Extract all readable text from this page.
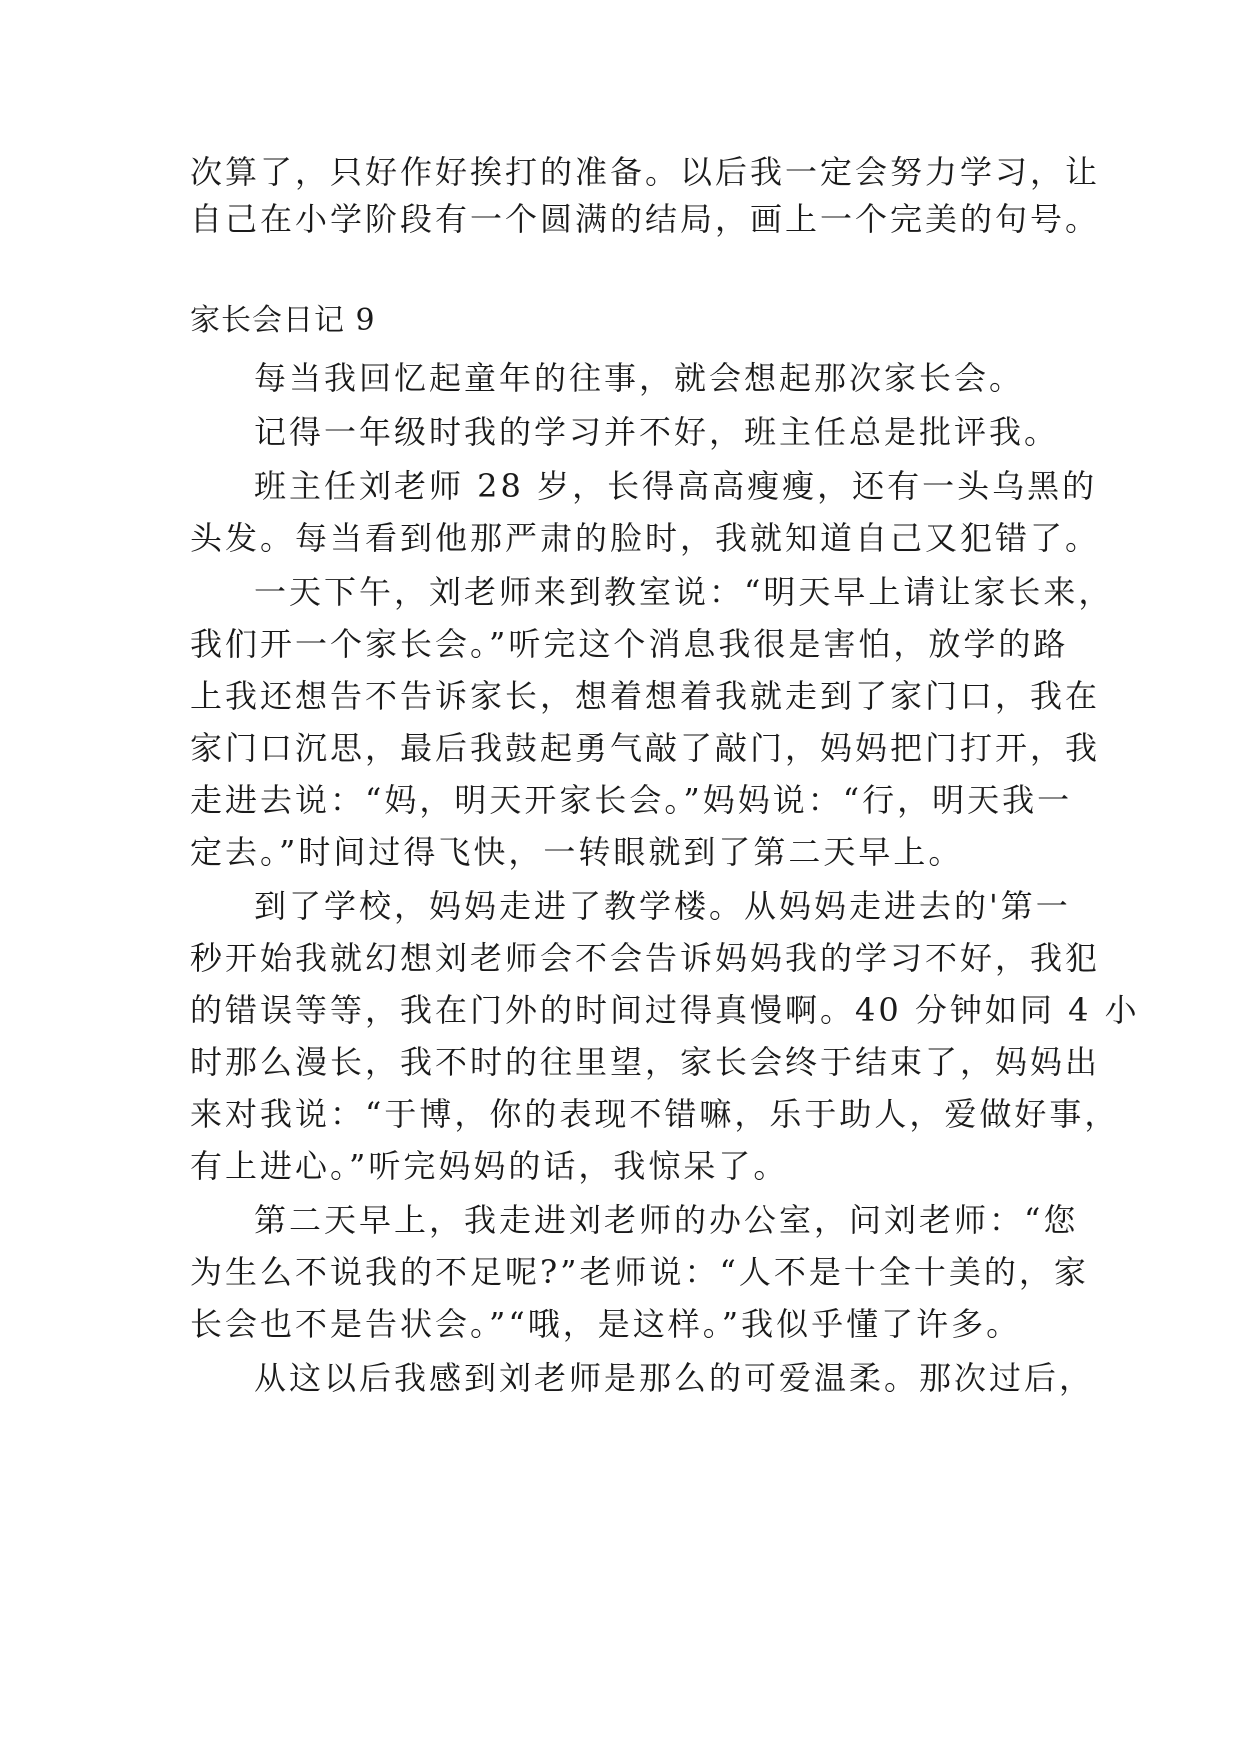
次算了，只好作好挨打的准备。以后我一定会努力学习，让
自己在小学阶段有一个圆满的结局，画上一个完美的句号。
家长会日记 9
每当我回忆起童年的往事，就会想起那次家长会。
记得一年级时我的学习并不好，班主任总是批评我。
班主任刘老师 28 岁，长得高高瘦瘦，还有一头乌黑的
头发。每当看到他那严肃的脸时，我就知道自己又犯错了。
一天下午，刘老师来到教室说：“明天早上请让家长来，
我们开一个家长会。”听完这个消息我很是害怕，放学的路
上我还想告不告诉家长，想着想着我就走到了家门口，我在
家门口沉思，最后我鼓起勇气敲了敲门，妈妈把门打开，我
走进去说：“妈，明天开家长会。”妈妈说：“行，明天我一
定去。”时间过得飞快，一转眼就到了第二天早上。
到了学校，妈妈走进了教学楼。从妈妈走进去的'第一
秒开始我就幻想刘老师会不会告诉妈妈我的学习不好，我犯
的错误等等，我在门外的时间过得真慢啊。40 分钟如同 4 小
时那么漫长，我不时的往里望，家长会终于结束了，妈妈出
来对我说：“于博，你的表现不错嘛，乐于助人，爱做好事，
有上进心。”听完妈妈的话，我惊呆了。
第二天早上，我走进刘老师的办公室，问刘老师：“您
为生么不说我的不足呢?”老师说：“人不是十全十美的，家
长会也不是告状会。”“哦，是这样。”我似乎懂了许多。
从这以后我感到刘老师是那么的可爱温柔。那次过后，
